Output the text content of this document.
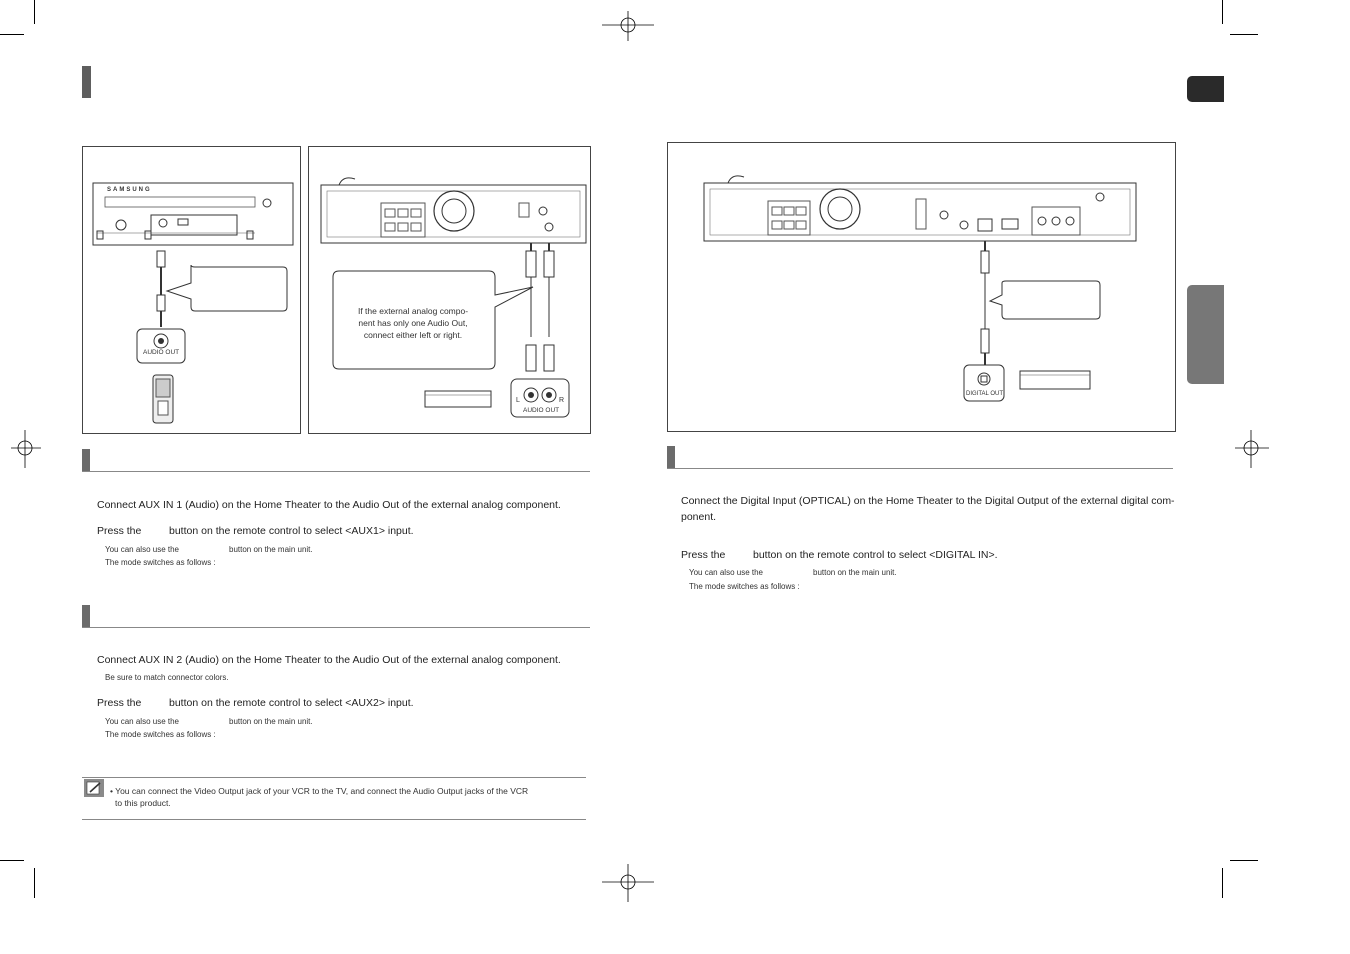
SAMSUNG
AUDIO OUT
If the external analog compo-
nent has only one Audio Out,
connect either left or right.
L	R
AUDIO OUT
DIGITAL OUT
Connect AUX IN 1 (Audio) on the Home Theater to the Audio Out of the external analog component.
Press the	button on the remote control to select <AUX1> input.
You can also use the	button on the main unit.
The mode switches as follows :
Connect AUX IN 2 (Audio) on the Home Theater to the Audio Out of the external analog component.
Be sure to match connector colors.
Press the	button on the remote control to select <AUX2> input.
You can also use the	button on the main unit.
The mode switches as follows :
• You can connect the Video Output jack of your VCR to the TV, and connect the Audio Output jacks of the VCR
to this product.
Connect the Digital Input (OPTICAL) on the Home Theater to the Digital Output of the external digital com-
ponent.
Press the	button on the remote control to select <DIGITAL IN>.
You can also use the	button on the main unit.
The mode switches as follows :
